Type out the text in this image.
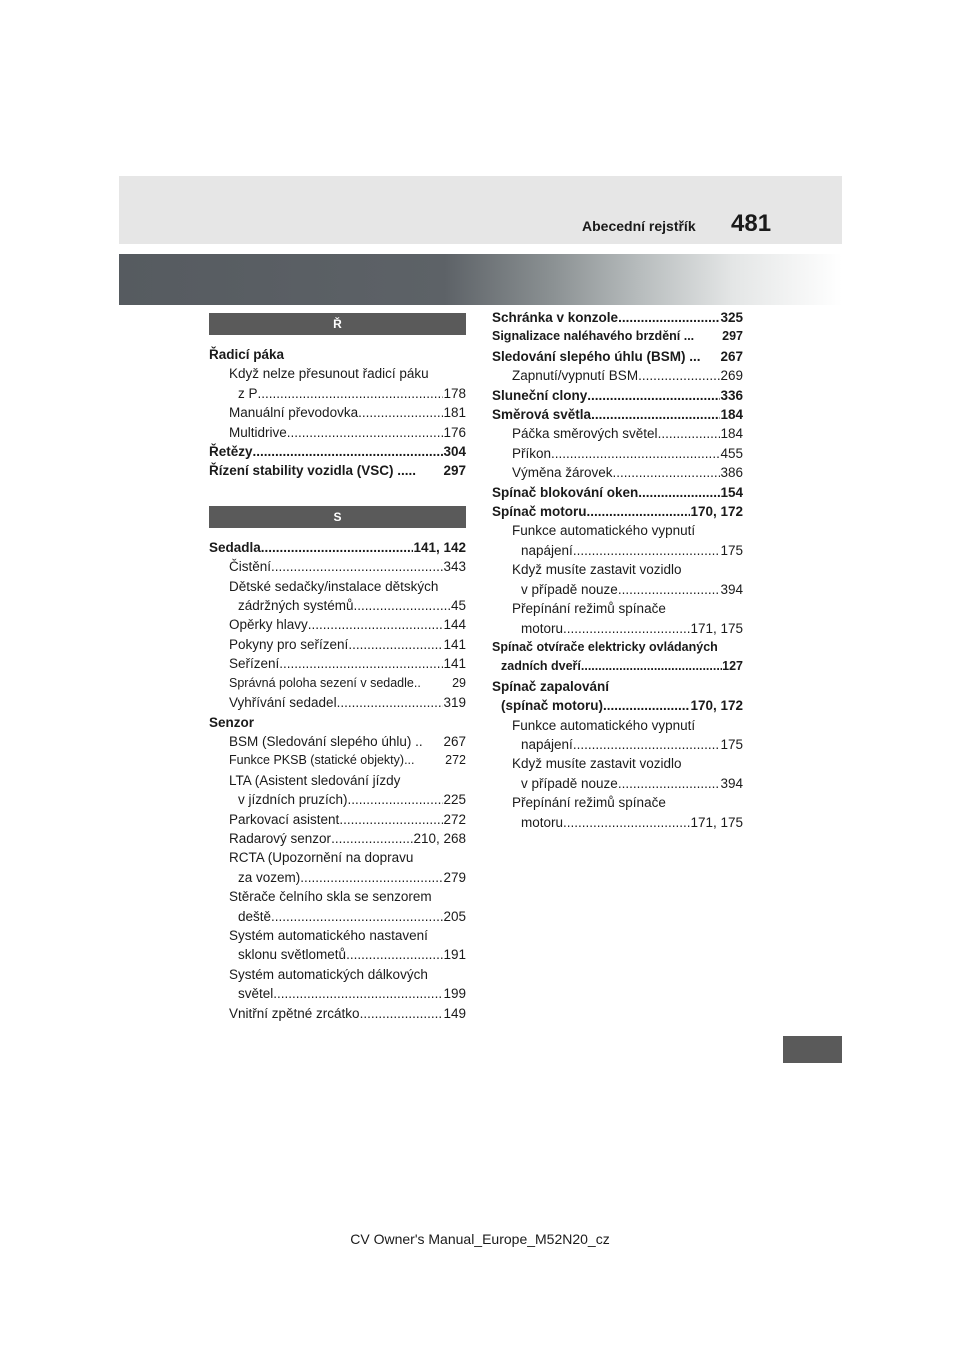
Abecední rejstřík 481
Ř
Řadicí páka
Když nelze přesunout řadicí páku
z P .....	178
Manuální převodovka .....	181
Multidrive .....	176
Řetězy .....	304
Řízení stability vozidla (VSC) ..... 297
S
Sedadla .....	141, 142
Čistění .....	343
Dětské sedačky/instalace dětských
zádržných systémů .....	45
Opěrky hlavy .....	144
Pokyny pro seřízení .....	141
Seřízení .....	141
Správná poloha sezení v sedadle..	29
Vyhřívání sedadel .....	319
Senzor
BSM (Sledování slepého úhlu) .. 267
Funkce PKSB (statické objekty)... 272
LTA (Asistent sledování jízdy
v jízdních pruzích) .....	225
Parkovací asistent .....	272
Radarový senzor .....	210, 268
RCTA (Upozornění na dopravu
za vozem) .....	279
Stěrače čelního skla se senzorem
deště .....	205
Systém automatického nastavení
sklonu světlometů .....	191
Systém automatických dálkových
světel .....	199
Vnitřní zpětné zrcátko .....	149
Schránka v konzole .....	325
Signalizace naléhavého brzdění ... 297
Sledování slepého úhlu (BSM) ... 267
Zapnutí/vypnutí BSM .....	269
Sluneční clony .....	336
Směrová světla .....	184
Páčka směrových světel .....	184
Příkon .....	455
Výměna žárovek .....	386
Spínač blokování oken .....	154
Spínač motoru .....	170, 172
Funkce automatického vypnutí
napájení .....	175
Když musíte zastavit vozidlo
v případě nouze .....	394
Přepínání režimů spínače
motoru .....	171, 175
Spínač otvírače elektricky ovládaných
zadních dveří .....	127
Spínač zapalování
(spínač motoru) .....	170, 172
Funkce automatického vypnutí
napájení .....	175
Když musíte zastavit vozidlo
v případě nouze .....	394
Přepínání režimů spínače
motoru .....	171, 175
CV Owner's Manual_Europe_M52N20_cz
